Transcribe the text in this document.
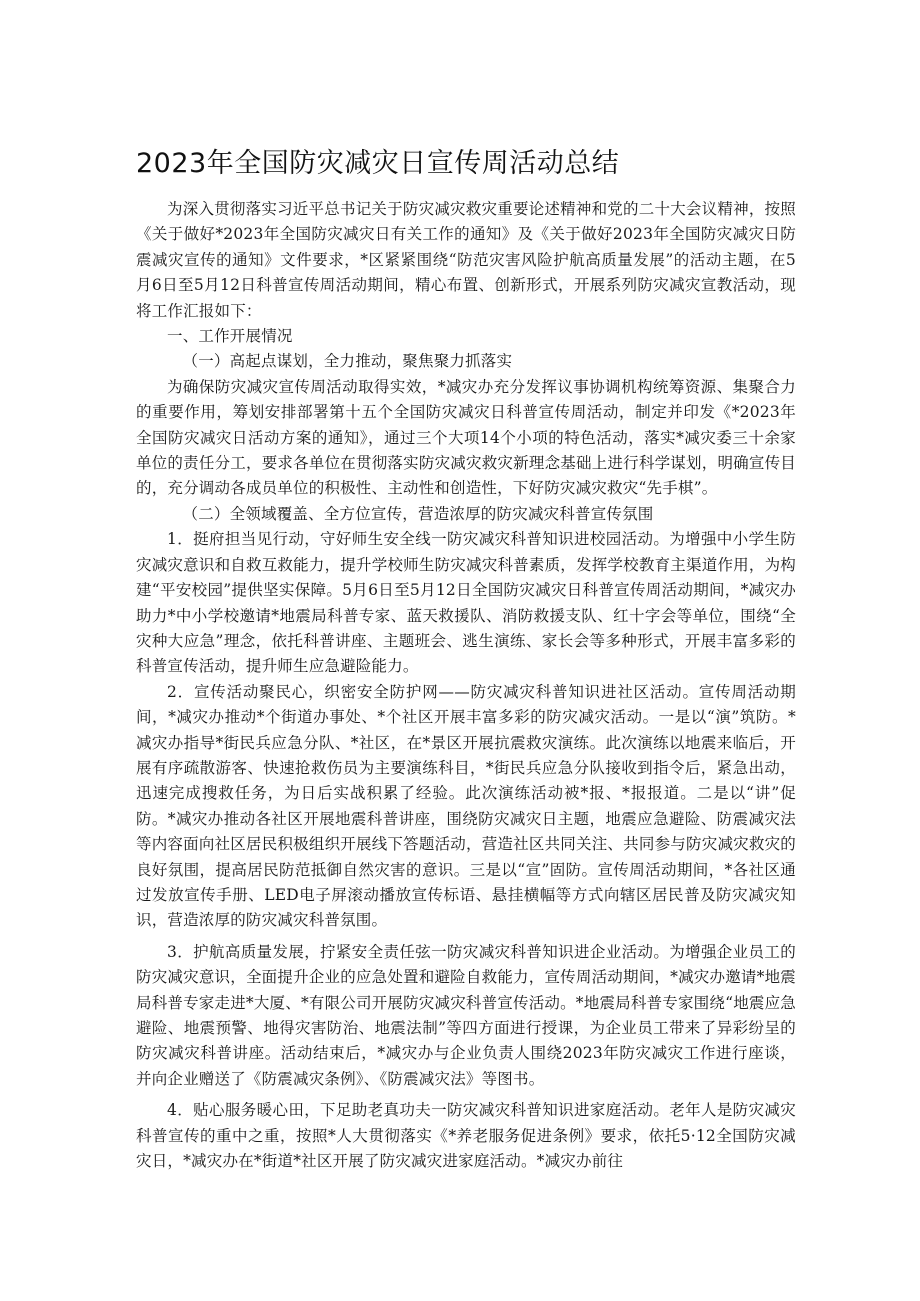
2023年全国防灾减灾日宣传周活动总结

为深入贯彻落实习近平总书记关于防灾减灾救灾重要论述精神和党的二十大会议精神，按照《关于做好*2023年全国防灾减灾日有关工作的通知》及《关于做好2023年全国防灾减灾日防震减灾宣传的通知》文件要求，*区紧紧围绕“防范灾害风险护航高质量发展”的活动主题，在5月6日至5月12日科普宣传周活动期间，精心布置、创新形式，开展系列防灾减灾宣教活动，现将工作汇报如下：

一、工作开展情况

（一）高起点谋划，全力推动，聚焦聚力抓落实

为确保防灾减灾宣传周活动取得实效，*减灾办充分发挥议事协调机构统筹资源、集聚合力的重要作用，筹划安排部署第十五个全国防灾减灾日科普宣传周活动，制定并印发《*2023年全国防灾减灾日活动方案的通知》，通过三个大项14个小项的特色活动，落实*减灾委三十余家单位的责任分工，要求各单位在贯彻落实防灾减灾救灾新理念基础上进行科学谋划，明确宣传目的，充分调动各成员单位的积极性、主动性和创造性，下好防灾减灾救灾“先手棋”。

（二）全领域覆盖、全方位宣传，营造浓厚的防灾减灾科普宣传氛围

1．挺府担当见行动，守好师生安全线一防灾减灾科普知识进校园活动。为增强中小学生防灾减灾意识和自救互救能力，提升学校师生防灾减灾科普素质，发挥学校教育主渠道作用，为构建“平安校园”提供坚实保障。5月6日至5月12日全国防灾减灾日科普宣传周活动期间，*减灾办助力*中小学校邀请*地震局科普专家、蓝天救援队、消防救援支队、红十字会等单位，围绕“全灾种大应急”理念，依托科普讲座、主题班会、逃生演练、家长会等多种形式，开展丰富多彩的科普宣传活动，提升师生应急避险能力。

2．宣传活动聚民心，织密安全防护网——防灾减灾科普知识进社区活动。宣传周活动期间，*减灾办推动*个街道办事处、*个社区开展丰富多彩的防灾减灾活动。一是以“演”筑防。*减灾办指导*街民兵应急分队、*社区，在*景区开展抗震救灾演练。此次演练以地震来临后，开展有序疏散游客、快速抢救伤员为主要演练科目，*街民兵应急分队接收到指令后，紧急出动，迅速完成搜救任务，为日后实战积累了经验。此次演练活动被*报、*报报道。二是以“讲”促防。*减灾办推动各社区开展地震科普讲座，围绕防灾减灾日主题，地震应急避险、防震减灾法等内容面向社区居民积极组织开展线下答题活动，营造社区共同关注、共同参与防灾减灾救灾的良好氛围，提高居民防范抵御自然灾害的意识。三是以“宣”固防。宣传周活动期间，*各社区通过发放宣传手册、LED电子屏滚动播放宣传标语、悬挂横幅等方式向辖区居民普及防灾减灾知识，营造浓厚的防灾减灾科普氛围。

3．护航高质量发展，拧紧安全责任弦一防灾减灾科普知识进企业活动。为增强企业员工的防灾减灾意识，全面提升企业的应急处置和避险自救能力，宣传周活动期间，*减灾办邀请*地震局科普专家走进*大厦、*有限公司开展防灾减灾科普宣传活动。*地震局科普专家围绕“地震应急避险、地震预警、地得灾害防治、地震法制”等四方面进行授课，为企业员工带来了异彩纷呈的防灾减灾科普讲座。活动结束后，*减灾办与企业负责人围绕2023年防灾减灾工作进行座谈，并向企业赠送了《防震减灾条例》、《防震减灾法》等图书。

4．贴心服务暖心田，下足助老真功夫一防灾减灾科普知识进家庭活动。老年人是防灾减灾科普宣传的重中之重，按照*人大贯彻落实《*养老服务促进条例》要求，依托5·12全国防灾减灾日，*减灾办在*街道*社区开展了防灾减灾进家庭活动。*减灾办前往
